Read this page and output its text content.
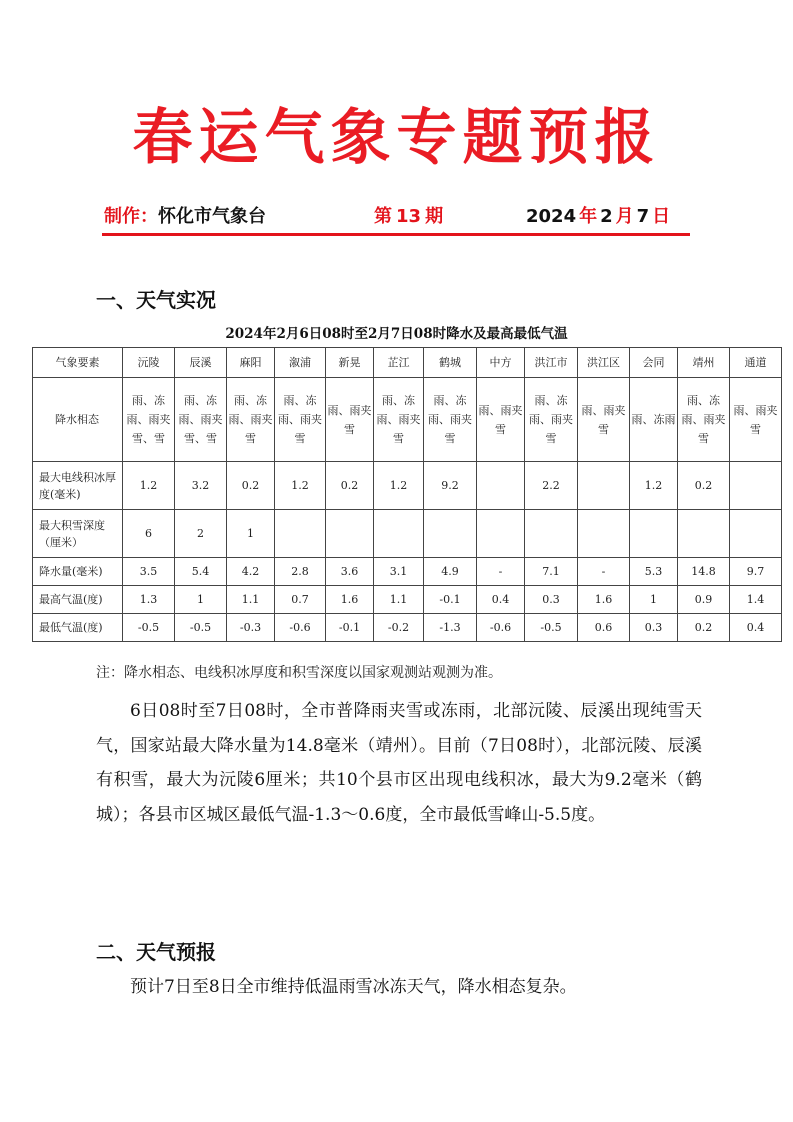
春运气象专题预报
制作：怀化市气象台	第 13 期	2024 年 2 月 7 日
一、天气实况
2024年2月6日08时至2月7日08时降水及最高最低气温
气象要素	沅陵	辰溪	麻阳	溆浦	新晃	芷江	鹤城	中方	洪江市	洪江区	会同	靖州	通道
降水相态	雨、冻雨、雨夹雪、雪	雨、冻雨、雨夹雪、雪	雨、冻雨、雨夹雪	雨、冻雨、雨夹雪	雨、雨夹雪	雨、冻雨、雨夹雪	雨、冻雨、雨夹雪	雨、雨夹雪	雨、冻雨、雨夹雪	雨、雨夹雪	雨、冻雨	雨、冻雨、雨夹雪	雨、雨夹雪
最大电线积冰厚度(毫米)	1.2	3.2	0.2	1.2	0.2	1.2	9.2		2.2		1.2	0.2	
最大积雪深度（厘米）	6	2	1										
降水量(毫米)	3.5	5.4	4.2	2.8	3.6	3.1	4.9	-	7.1	-	5.3	14.8	9.7
最高气温(度)	1.3	1	1.1	0.7	1.6	1.1	-0.1	0.4	0.3	1.6	1	0.9	1.4
最低气温(度)	-0.5	-0.5	-0.3	-0.6	-0.1	-0.2	-1.3	-0.6	-0.5	0.6	0.3	0.2	0.4
注：降水相态、电线积冰厚度和积雪深度以国家观测站观测为准。
6日08时至7日08时，全市普降雨夹雪或冻雨，北部沅陵、辰溪出现纯雪天气，国家站最大降水量为14.8毫米（靖州）。目前（7日08时），北部沅陵、辰溪有积雪，最大为沅陵6厘米；共10个县市区出现电线积冰，最大为9.2毫米（鹤城）；各县市区城区最低气温-1.3～0.6度，全市最低雪峰山-5.5度。
二、天气预报
预计7日至8日全市维持低温雨雪冰冻天气，降水相态复杂。
